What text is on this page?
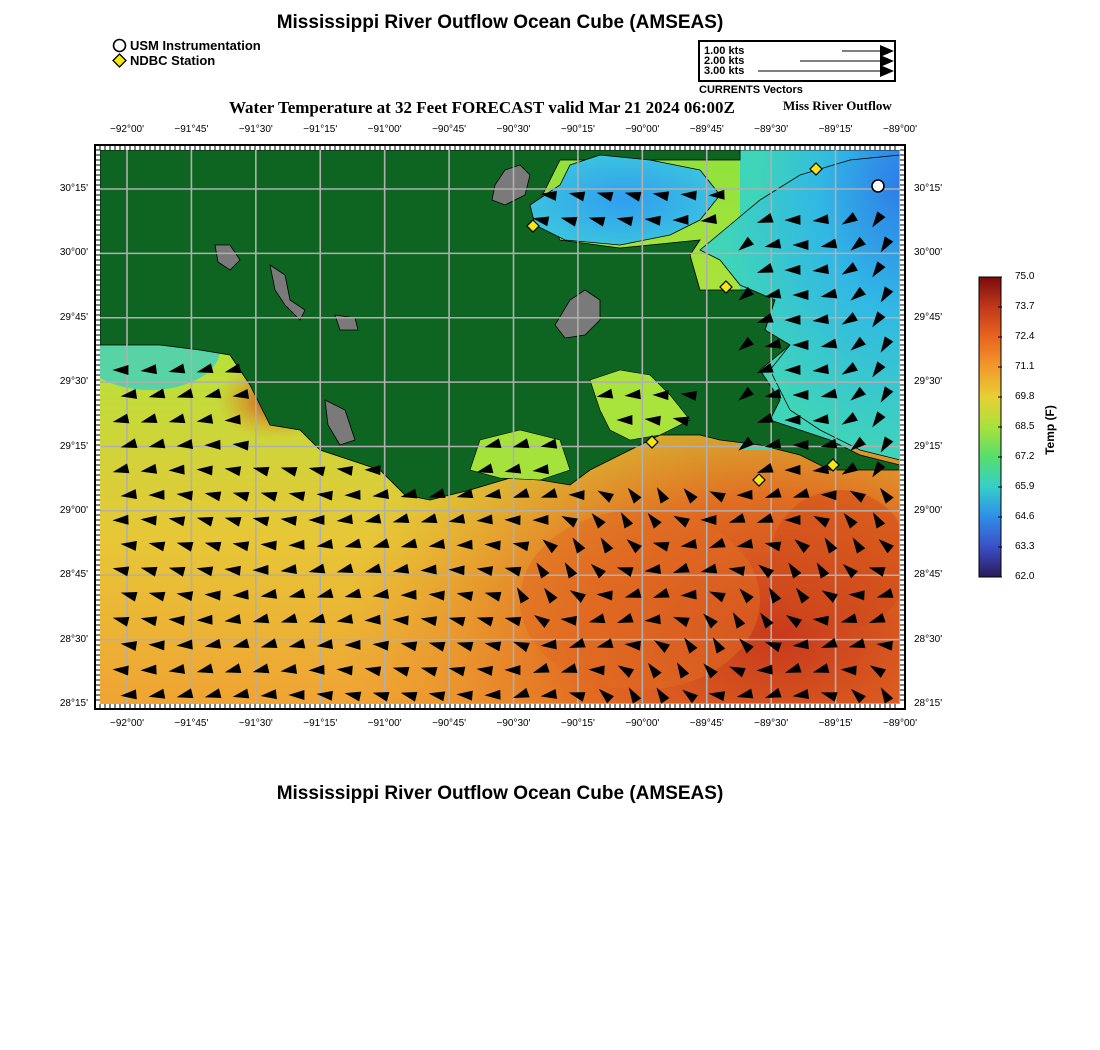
Mississippi River Outflow Ocean Cube (AMSEAS)
USM Instrumentation
NDBC Station
1.00 kts
2.00 kts
3.00 kts
CURRENTS Vectors
Water Temperature at 32 Feet FORECAST valid Mar 21 2024 06:00Z	Miss River Outflow
−92°00'	−91°45'	−91°30'	−91°15'	−91°00'	−90°45'	−90°30'	−90°15'	−90°00'	−89°45'	−89°30'	−89°15'	−89°00'
−92°00'	−91°45'	−91°30'	−91°15'	−91°00'	−90°45'	−90°30'	−90°15'	−90°00'	−89°45'	−89°30'	−89°15'	−89°00'
30°15'
30°00'
29°45'
29°30'
29°15'
29°00'
28°45'
28°30'
28°15'
30°15'
30°00'
29°45'
29°30'
29°15'
29°00'
28°45'
28°30'
28°15'
75.0
73.7
72.4
71.1
69.8
68.5
67.2
65.9
64.6
63.3
62.0
Temp (F)
Mississippi River Outflow Ocean Cube (AMSEAS)
